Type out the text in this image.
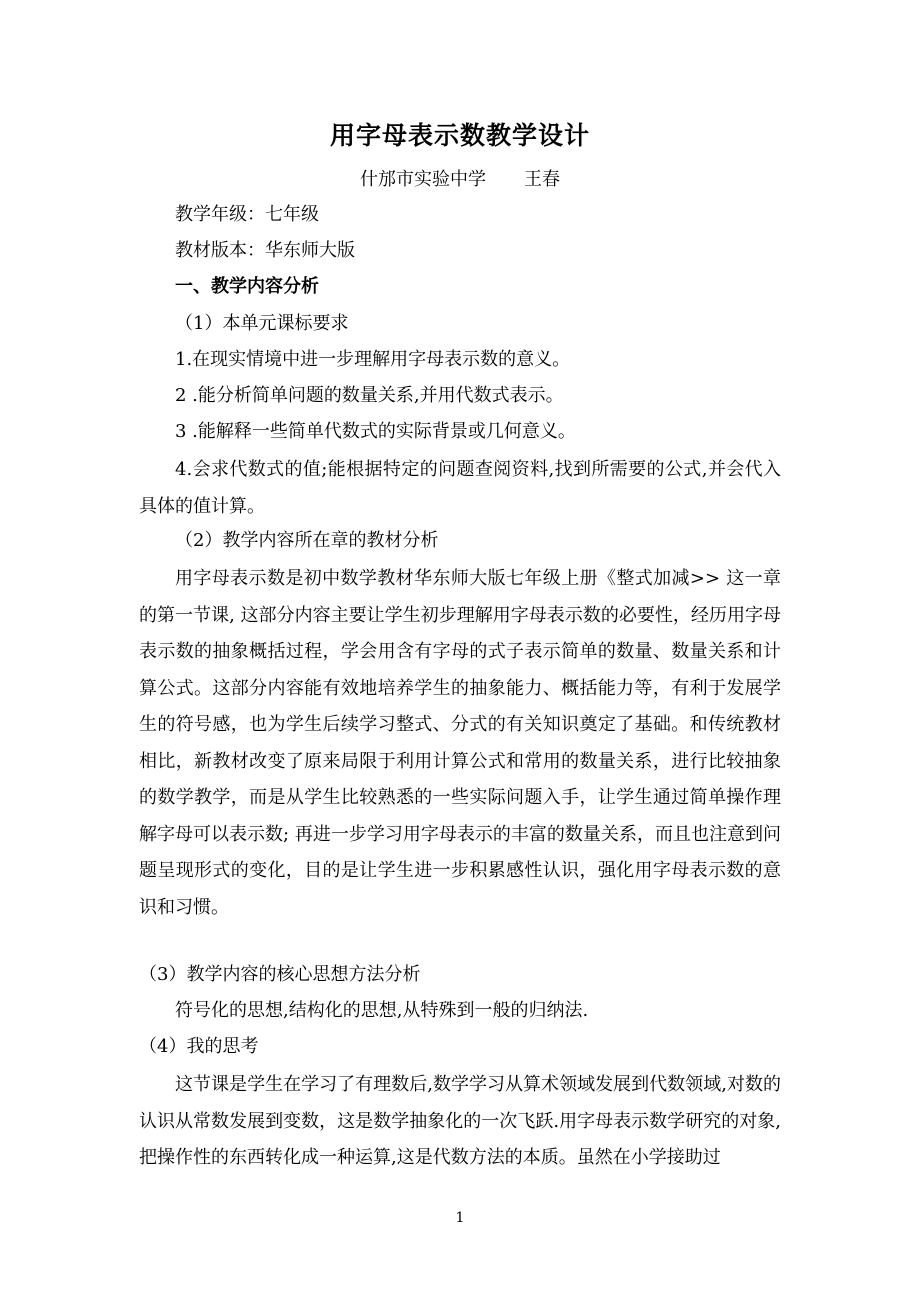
用字母表示数教学设计
什邡市实验中学 王春
教学年级：七年级
教材版本：华东师大版
一、教学内容分析
（1）本单元课标要求
1.在现实情境中进一步理解用字母表示数的意义。
2 .能分析简单问题的数量关系,并用代数式表示。
3 .能解释一些简单代数式的实际背景或几何意义。

4.会求代数式的值;能根据特定的问题查阅资料,找到所需要的公式,并会代入具体的值计算。

（2）教学内容所在章的教材分析

用字母表示数是初中数学教材华东师大版七年级上册《整式加减>> 这一章的第一节课, 这部分内容主要让学生初步理解用字母表示数的必要性，经历用字母表示数的抽象概括过程，学会用含有字母的式子表示简单的数量、数量关系和计算公式。这部分内容能有效地培养学生的抽象能力、概括能力等，有利于发展学生的符号感，也为学生后续学习整式、分式的有关知识奠定了基础。和传统教材相比，新教材改变了原来局限于利用计算公式和常用的数量关系，进行比较抽象的数学教学，而是从学生比较熟悉的一些实际问题入手，让学生通过简单操作理解字母可以表示数; 再进一步学习用字母表示的丰富的数量关系，而且也注意到问题呈现形式的变化，目的是让学生进一步积累感性认识，强化用字母表示数的意识和习惯。

（3）教学内容的核心思想方法分析
符号化的思想,结构化的思想,从特殊到一般的归纳法.
（4）我的思考

这节课是学生在学习了有理数后,数学学习从算术领域发展到代数领域,对数的认识从常数发展到变数，这是数学抽象化的一次飞跃.用字母表示数学研究的对象,把操作性的东西转化成一种运算,这是代数方法的本质。虽然在小学接助过

1
